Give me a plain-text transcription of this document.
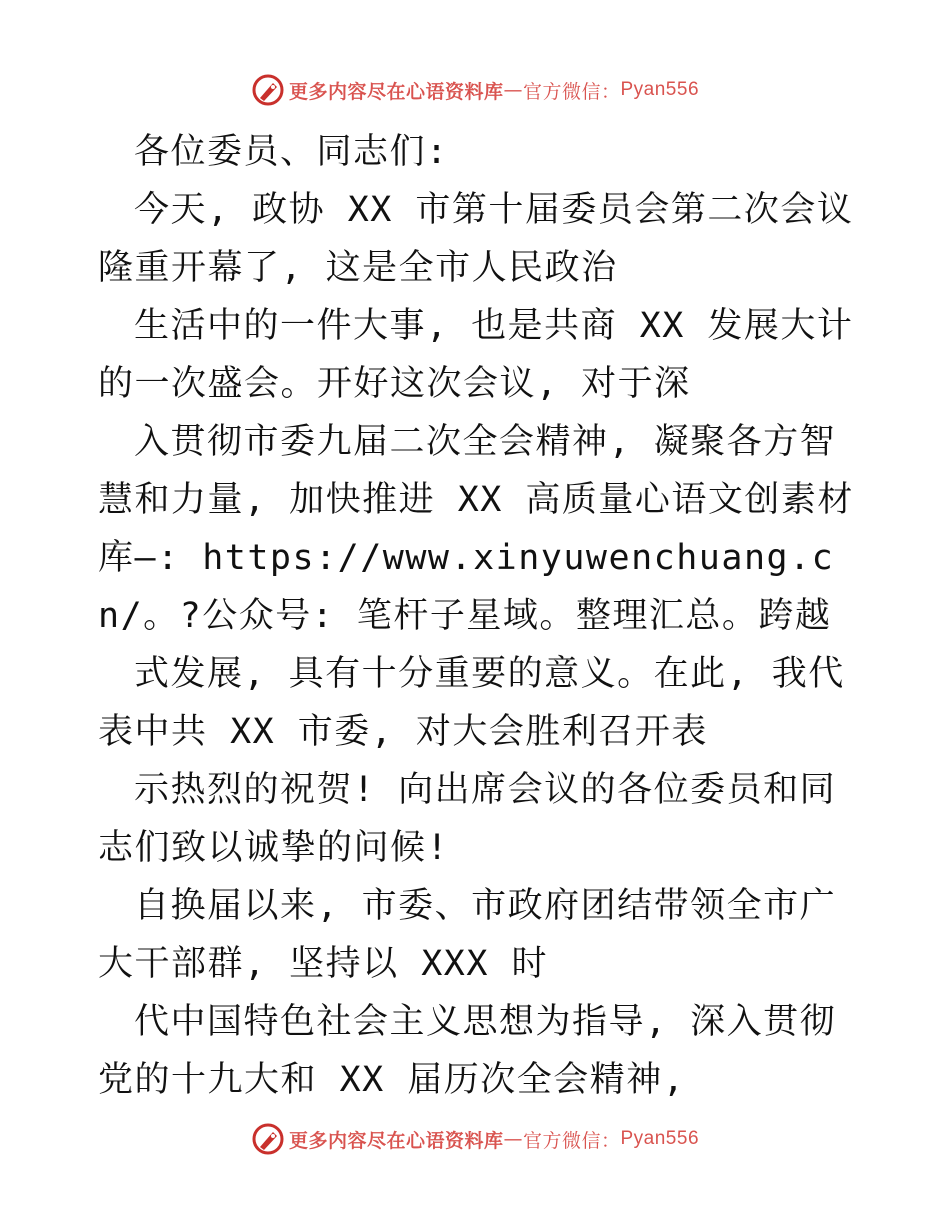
更多内容尽在心语资料库 — 官方微信： Pyan556

各位委员、同志们:

今天, 政协 XX 市第十届委员会第二次会议隆重开幕了, 这是全市人民政治

生活中的一件大事, 也是共商 XX 发展大计的一次盛会。开好这次会议, 对于深

入贯彻市委九届二次全会精神, 凝聚各方智慧和力量, 加快推进 XX 高质量心语文创素材库—: https://www.xinyuwenchuang.cn/。?公众号: 笔杆子星域。整理汇总。跨越

式发展, 具有十分重要的意义。在此, 我代表中共 XX 市委, 对大会胜利召开表

示热烈的祝贺! 向出席会议的各位委员和同志们致以诚挚的问候!

自换届以来, 市委、市政府团结带领全市广大干部群, 坚持以 XXX 时

代中国特色社会主义思想为指导, 深入贯彻党的十九大和 XX 届历次全会精神,

更多内容尽在心语资料库 — 官方微信： Pyan556
